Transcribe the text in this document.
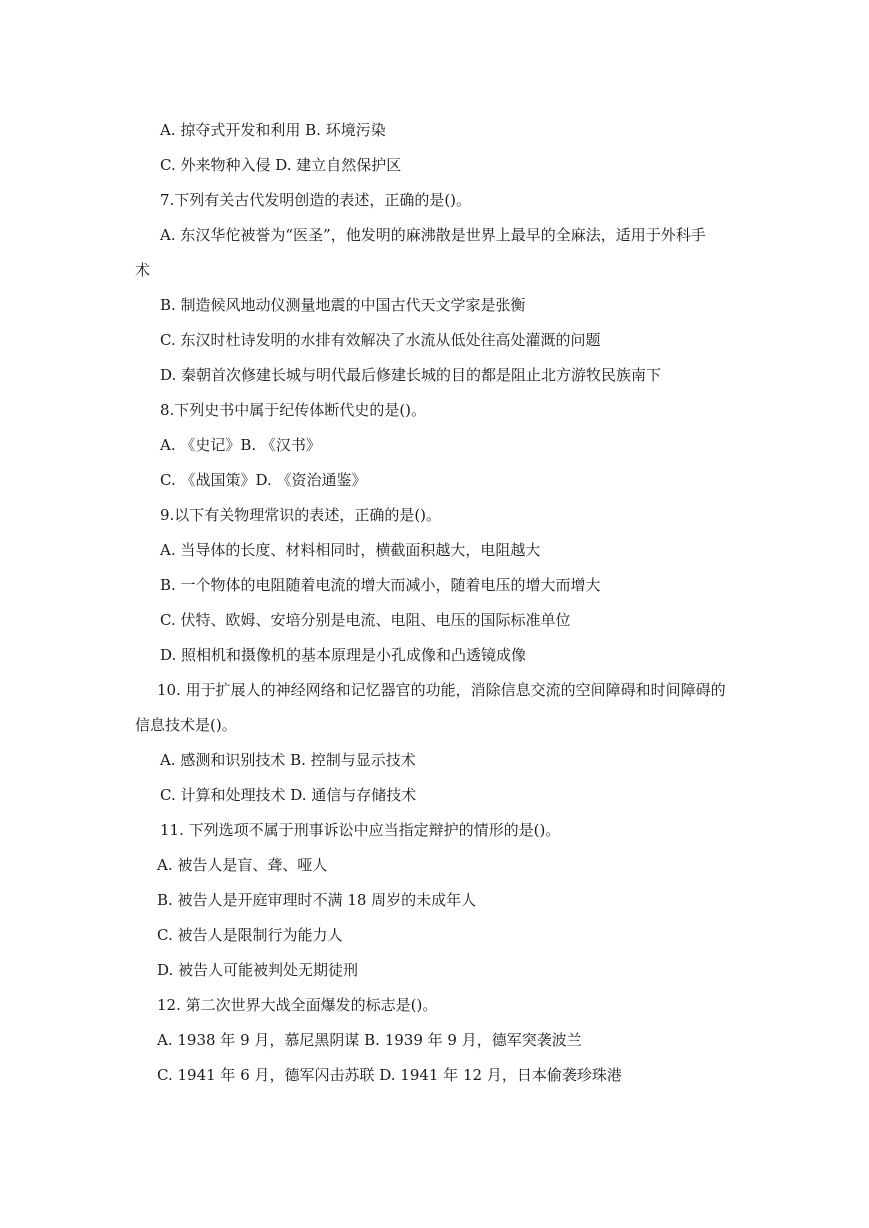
A. 掠夺式开发和利用 B. 环境污染
C. 外来物种入侵 D. 建立自然保护区
7.下列有关古代发明创造的表述，正确的是()。
A. 东汉华佗被誉为“医圣”，他发明的麻沸散是世界上最早的全麻法，适用于外科手
术
B. 制造候风地动仪测量地震的中国古代天文学家是张衡
C. 东汉时杜诗发明的水排有效解决了水流从低处往高处灌溉的问题
D. 秦朝首次修建长城与明代最后修建长城的目的都是阻止北方游牧民族南下
8.下列史书中属于纪传体断代史的是()。
A. 《史记》B. 《汉书》
C. 《战国策》D. 《资治通鉴》
9.以下有关物理常识的表述，正确的是()。
A. 当导体的长度、材料相同时，横截面积越大，电阻越大
B. 一个物体的电阻随着电流的增大而减小，随着电压的增大而增大
C. 伏特、欧姆、安培分别是电流、电阻、电压的国际标准单位
D. 照相机和摄像机的基本原理是小孔成像和凸透镜成像
10. 用于扩展人的神经网络和记忆器官的功能，消除信息交流的空间障碍和时间障碍的
信息技术是()。
A. 感测和识别技术 B. 控制与显示技术
C. 计算和处理技术 D. 通信与存储技术
11. 下列选项不属于刑事诉讼中应当指定辩护的情形的是()。
A. 被告人是盲、聋、哑人
B. 被告人是开庭审理时不满 18 周岁的未成年人
C. 被告人是限制行为能力人
D. 被告人可能被判处无期徒刑
12. 第二次世界大战全面爆发的标志是()。
A. 1938 年 9 月，慕尼黑阴谋 B. 1939 年 9 月，德军突袭波兰
C. 1941 年 6 月，德军闪击苏联 D. 1941 年 12 月，日本偷袭珍珠港
